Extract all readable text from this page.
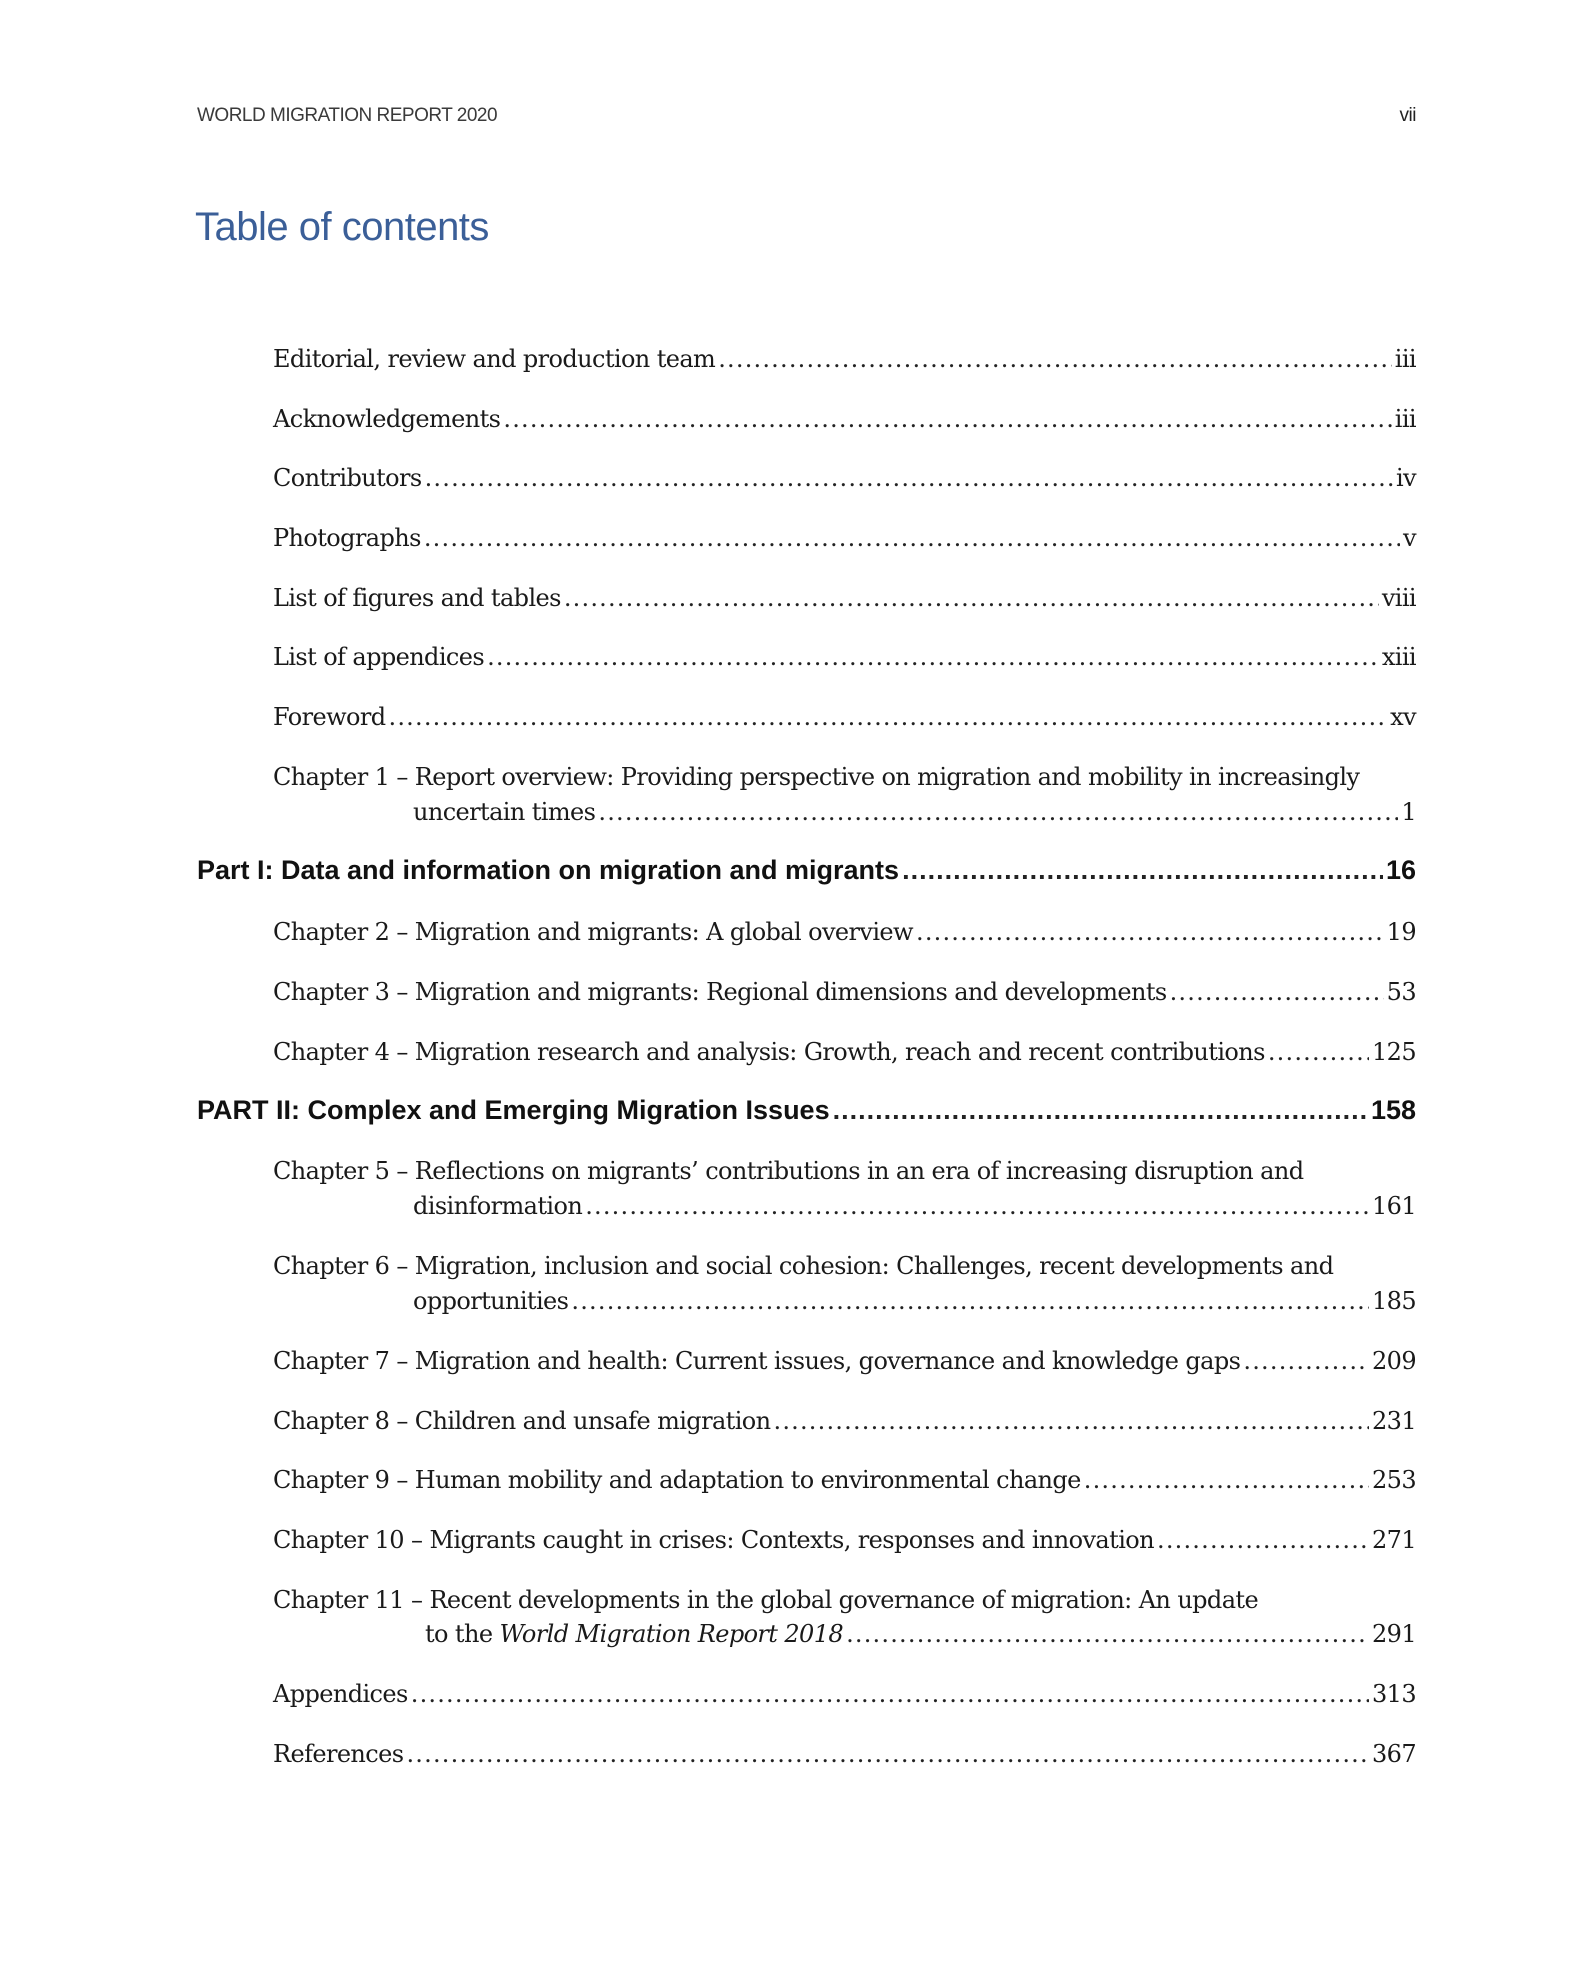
WORLD MIGRATION REPORT 2020	vii
Table of contents
Editorial, review and production team .....	iii
Acknowledgements .....	iii
Contributors .....	iv
Photographs .....	v
List of figures and tables .....	viii
List of appendices .....	xiii
Foreword .....	xv
Chapter 1 – Report overview: Providing perspective on migration and mobility in increasingly
uncertain times .....	1
Part I: Data and information on migration and migrants .....	16
Chapter 2 – Migration and migrants: A global overview .....	19
Chapter 3 – Migration and migrants: Regional dimensions and developments .....	53
Chapter 4 – Migration research and analysis: Growth, reach and recent contributions .....	125
PART II: Complex and Emerging Migration Issues .....	158
Chapter 5 – Reflections on migrants’ contributions in an era of increasing disruption and
disinformation .....	161
Chapter 6 – Migration, inclusion and social cohesion: Challenges, recent developments and
opportunities .....	185
Chapter 7 – Migration and health: Current issues, governance and knowledge gaps .....	209
Chapter 8 – Children and unsafe migration .....	231
Chapter 9 – Human mobility and adaptation to environmental change .....	253
Chapter 10 – Migrants caught in crises: Contexts, responses and innovation .....	271
Chapter 11 – Recent developments in the global governance of migration: An update
to the World Migration Report 2018 .....	291
Appendices .....	313
References .....	367
